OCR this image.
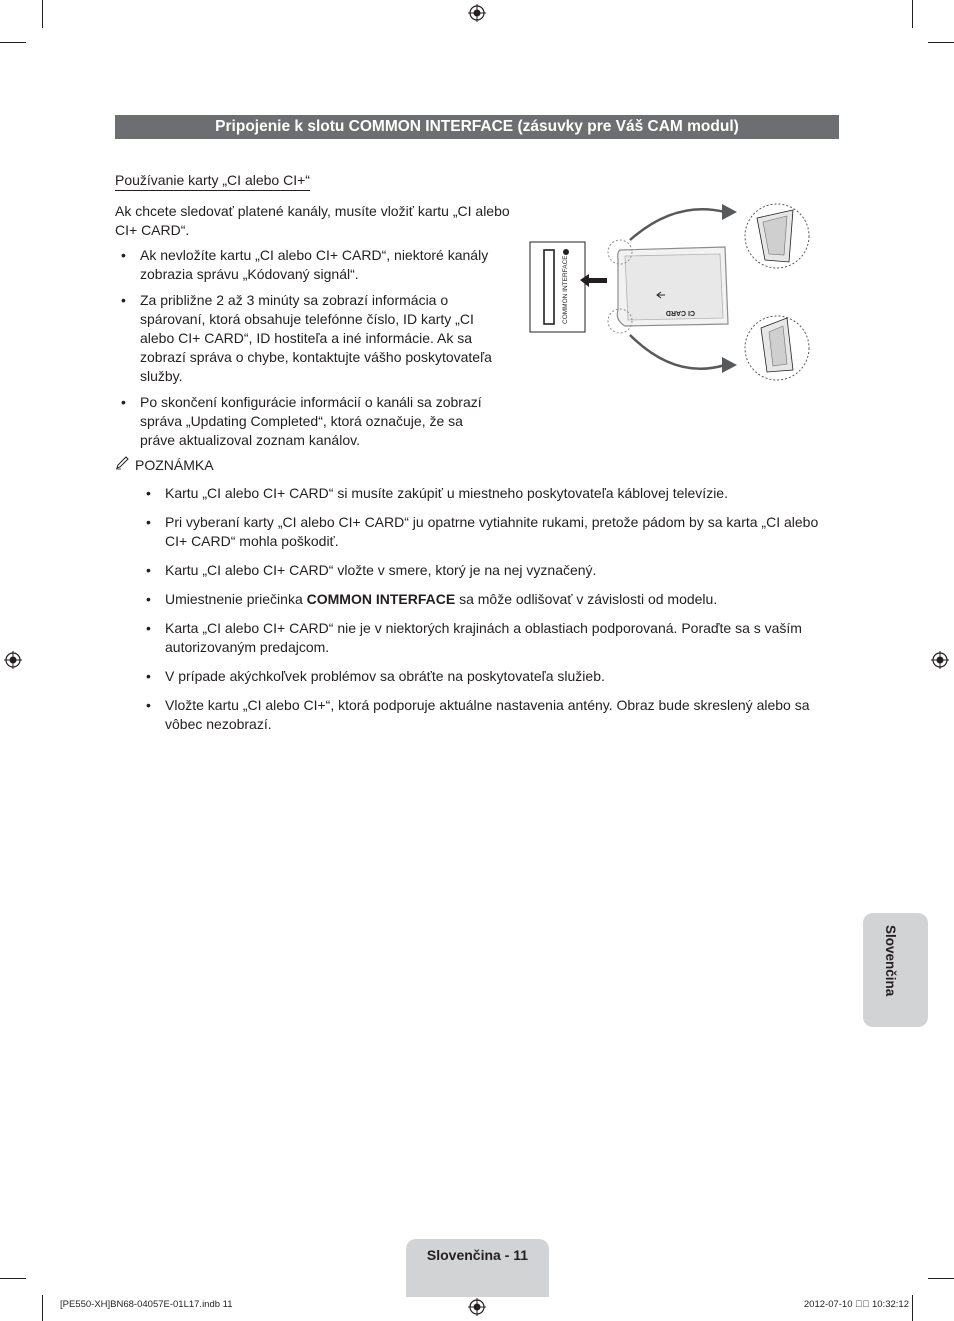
Pripojenie k slotu COMMON INTERFACE (zásuvky pre Váš CAM modul)
Používanie karty „CI alebo CI+“
Ak chcete sledovať platené kanály, musíte vložiť kartu „CI alebo CI+ CARD“.
• Ak nevložíte kartu „CI alebo CI+ CARD“, niektoré kanály zobrazia správu „Kódovaný signál“.
• Za približne 2 až 3 minúty sa zobrazí informácia o spárovaní, ktorá obsahuje telefónne číslo, ID karty „CI alebo CI+ CARD“, ID hostiteľa a iné informácie. Ak sa zobrazí správa o chybe, kontaktujte vášho poskytovateľa služby.
• Po skončení konfigurácie informácií o kanáli sa zobrazí správa „Updating Completed“, ktorá označuje, že sa práve aktualizoval zoznam kanálov.
POZNÁMKA
• Kartu „CI alebo CI+ CARD“ si musíte zakúpiť u miestneho poskytovateľa káblovej televízie.
• Pri vyberaní karty „CI alebo CI+ CARD“ ju opatrne vytiahnite rukami, pretože pádom by sa karta „CI alebo CI+ CARD“ mohla poškodiť.
• Kartu „CI alebo CI+ CARD“ vložte v smere, ktorý je na nej vyznačený.
• Umiestnenie priečinka COMMON INTERFACE sa môže odlišovať v závislosti od modelu.
• Karta „CI alebo CI+ CARD“ nie je v niektorých krajinách a oblastiach podporovaná. Poraďte sa s vaším autorizovaným predajcom.
• V prípade akýchkoľvek problémov sa obráťte na poskytovateľa služieb.
• Vložte kartu „CI alebo CI+“, ktorá podporuje aktuálne nastavenia antény. Obraz bude skreslený alebo sa vôbec nezobrazí.
COMMON INTERFACE	CI CARD
Slovenčina
Slovenčina - 11
[PE550-XH]BN68-04057E-01L17.indb 11	2012-07-10 ￿￿ 10:32:12
